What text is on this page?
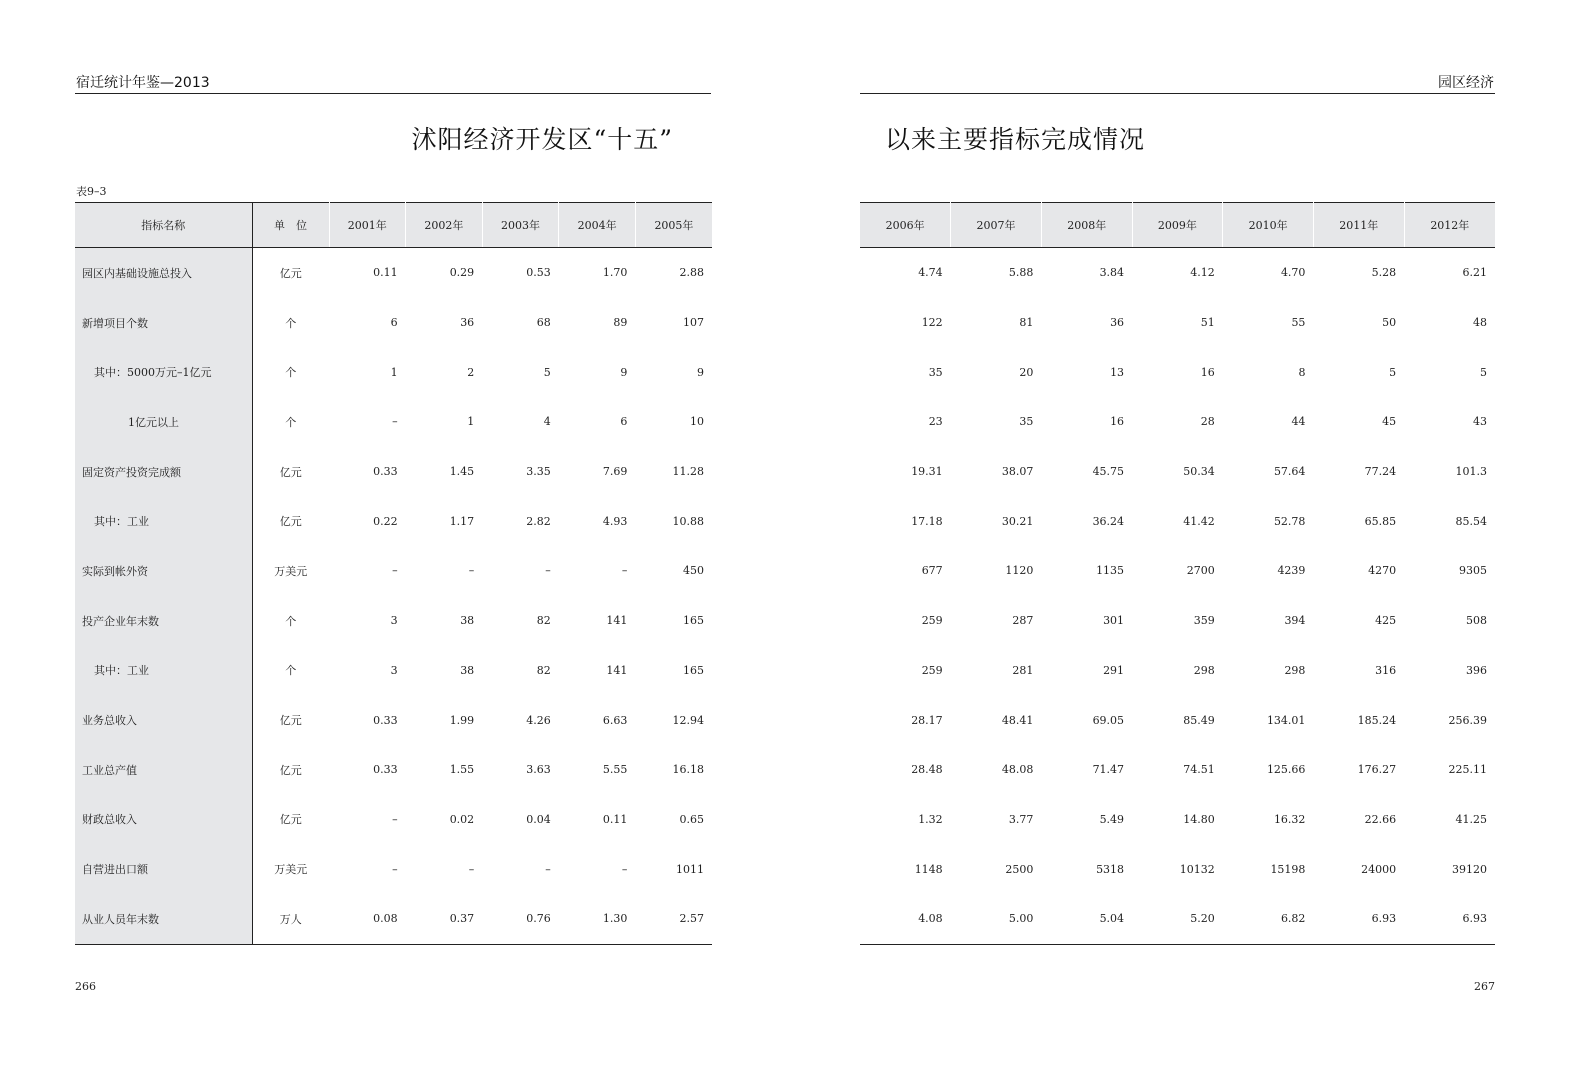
宿迁统计年鉴—2013
沭阳经济开发区“十五”
表9–3
指标名称	单　位	2001年	2002年	2003年	2004年	2005年
园区内基础设施总投入	亿元	0.11	0.29	0.53	1.70	2.88
新增项目个数	个	6	36	68	89	107
其中：5000万元–1亿元	个	1	2	5	9	9
1亿元以上	个	–	1	4	6	10
固定资产投资完成额	亿元	0.33	1.45	3.35	7.69	11.28
其中：工业	亿元	0.22	1.17	2.82	4.93	10.88
实际到帐外资	万美元	–	–	–	–	450
投产企业年末数	个	3	38	82	141	165
其中：工业	个	3	38	82	141	165
业务总收入	亿元	0.33	1.99	4.26	6.63	12.94
工业总产值	亿元	0.33	1.55	3.63	5.55	16.18
财政总收入	亿元	–	0.02	0.04	0.11	0.65
自营进出口额	万美元	–	–	–	–	1011
从业人员年末数	万人	0.08	0.37	0.76	1.30	2.57
266
园区经济
以来主要指标完成情况
2006年	2007年	2008年	2009年	2010年	2011年	2012年
4.74	5.88	3.84	4.12	4.70	5.28	6.21
122	81	36	51	55	50	48
35	20	13	16	8	5	5
23	35	16	28	44	45	43
19.31	38.07	45.75	50.34	57.64	77.24	101.3
17.18	30.21	36.24	41.42	52.78	65.85	85.54
677	1120	1135	2700	4239	4270	9305
259	287	301	359	394	425	508
259	281	291	298	298	316	396
28.17	48.41	69.05	85.49	134.01	185.24	256.39
28.48	48.08	71.47	74.51	125.66	176.27	225.11
1.32	3.77	5.49	14.80	16.32	22.66	41.25
1148	2500	5318	10132	15198	24000	39120
4.08	5.00	5.04	5.20	6.82	6.93	6.93
267
